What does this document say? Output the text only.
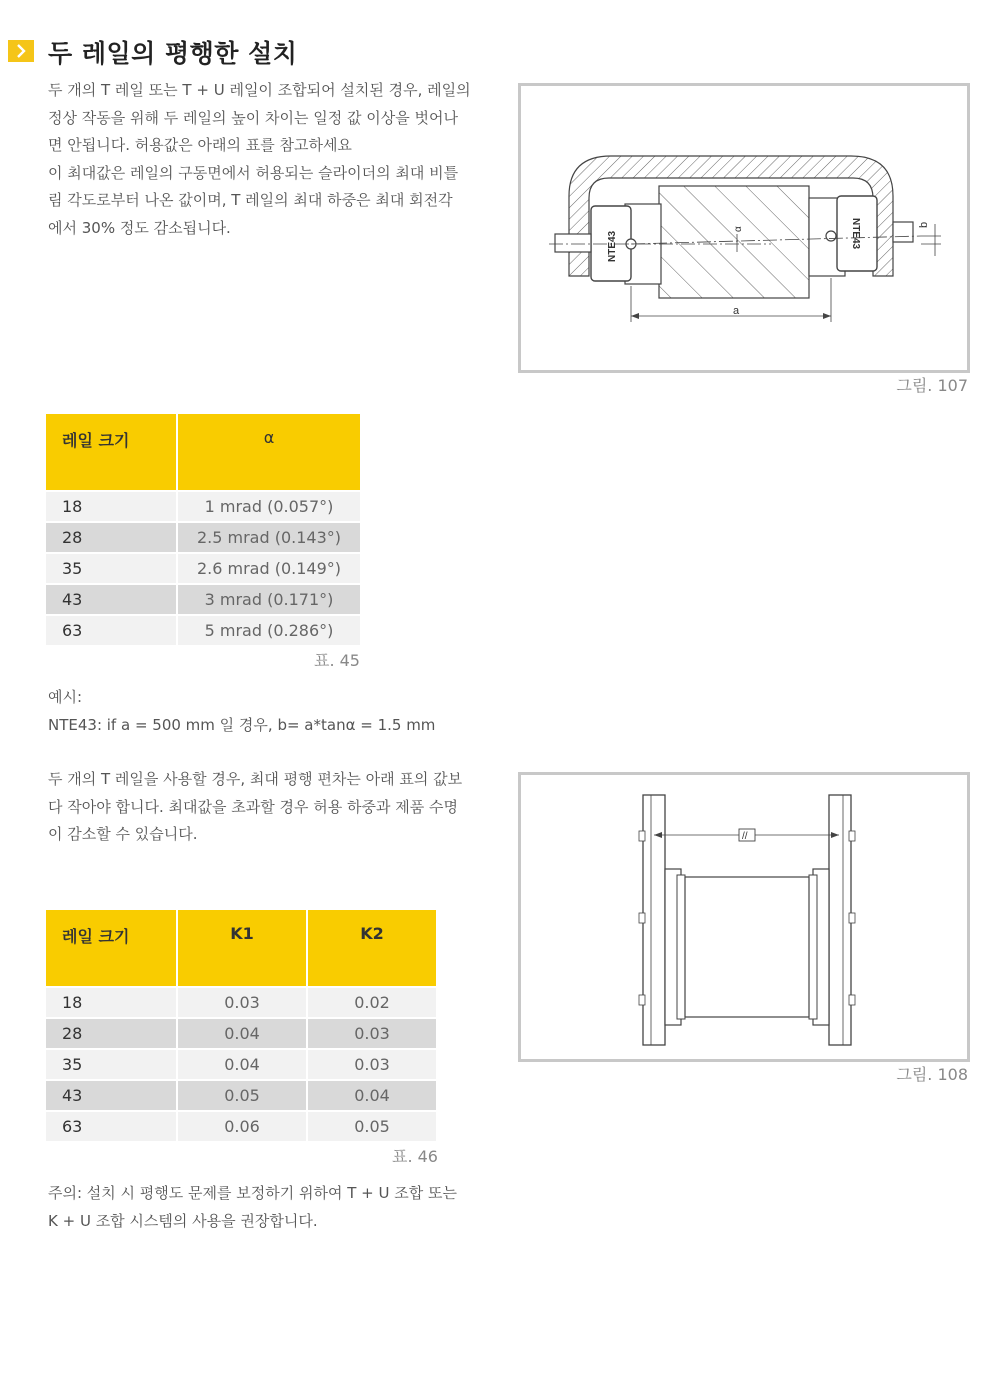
두 레일의 평행한 설치

두 개의 T 레일 또는 T + U 레일이 조합되어 설치된 경우, 레일의

정상 작동을 위해 두 레일의 높이 차이는 일정 값 이상을 벗어나

면 안됩니다. 허용값은 아래의 표를 참고하세요

이 최대값은 레일의 구동면에서 허용되는 슬라이더의 최대 비틀

림 각도로부터 나온 값이며, T 레일의 최대 하중은 최대 회전각

에서 30% 정도 감소됩니다.	α
a
b
NTE43	NTE43
그림. 107
레일 크기	α
18	1 mrad (0.057°)
28	2.5 mrad (0.143°)
35	2.6 mrad (0.149°)
43	3 mrad (0.171°)
63	5 mrad (0.286°)
표. 45

예시:

NTE43: if a = 500 mm 일 경우, b= a*tanα = 1.5 mm

두 개의 T 레일을 사용할 경우, 최대 평행 편차는 아래 표의 값보

다 작아야 합니다. 최대값을 초과할 경우 허용 하중과 제품 수명

이 감소할 수 있습니다.	//
그림. 108
레일 크기	K1	K2
18	0.03	0.02
28	0.04	0.03
35	0.04	0.03
43	0.05	0.04
63	0.06	0.05
표. 46

주의: 설치 시 평행도 문제를 보정하기 위하여 T + U 조합 또는

K + U 조합 시스템의 사용을 권장합니다.
